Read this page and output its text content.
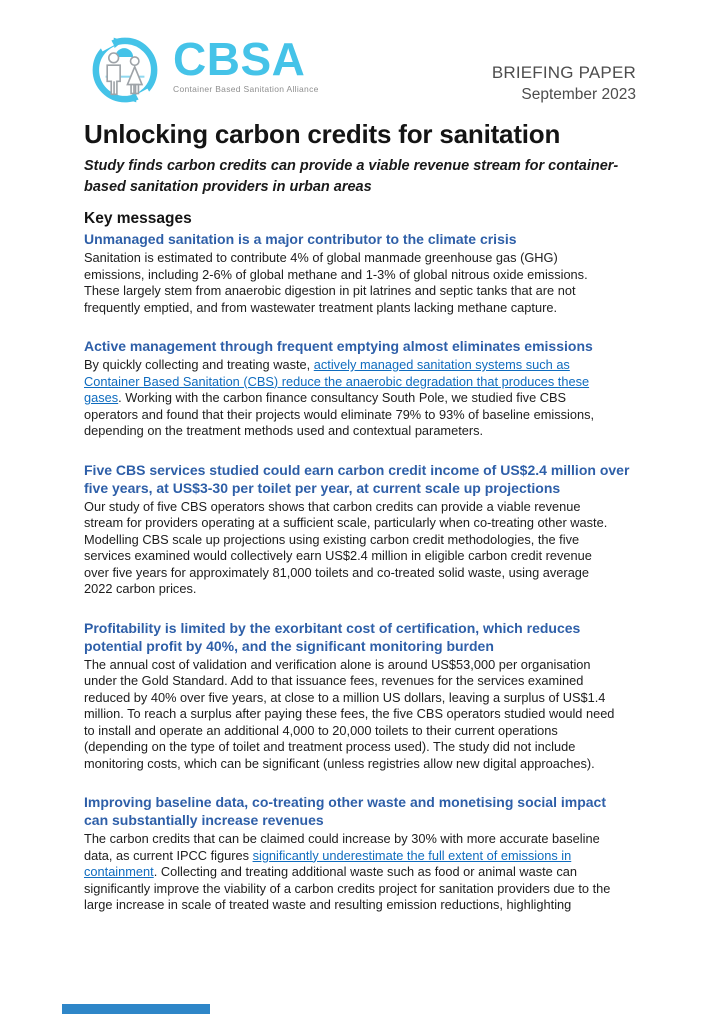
CBSA
Container Based Sanitation Alliance
BRIEFING PAPER
September 2023
Unlocking carbon credits for sanitation
Study finds carbon credits can provide a viable revenue stream for container-based sanitation providers in urban areas
Key messages
Unmanaged sanitation is a major contributor to the climate crisis
Sanitation is estimated to contribute 4% of global manmade greenhouse gas (GHG) emissions, including 2-6% of global methane and 1-3% of global nitrous oxide emissions. These largely stem from anaerobic digestion in pit latrines and septic tanks that are not frequently emptied, and from wastewater treatment plants lacking methane capture.
Active management through frequent emptying almost eliminates emissions
By quickly collecting and treating waste, actively managed sanitation systems such as Container Based Sanitation (CBS) reduce the anaerobic degradation that produces these gases. Working with the carbon finance consultancy South Pole, we studied five CBS operators and found that their projects would eliminate 79% to 93% of baseline emissions, depending on the treatment methods used and contextual parameters.
Five CBS services studied could earn carbon credit income of US$2.4 million over five years, at US$3-30 per toilet per year, at current scale up projections
Our study of five CBS operators shows that carbon credits can provide a viable revenue stream for providers operating at a sufficient scale, particularly when co-treating other waste. Modelling CBS scale up projections using existing carbon credit methodologies, the five services examined would collectively earn US$2.4 million in eligible carbon credit revenue over five years for approximately 81,000 toilets and co-treated solid waste, using average 2022 carbon prices.
Profitability is limited by the exorbitant cost of certification, which reduces potential profit by 40%, and the significant monitoring burden
The annual cost of validation and verification alone is around US$53,000 per organisation under the Gold Standard. Add to that issuance fees, revenues for the services examined reduced by 40% over five years, at close to a million US dollars, leaving a surplus of US$1.4 million. To reach a surplus after paying these fees, the five CBS operators studied would need to install and operate an additional 4,000 to 20,000 toilets to their current operations (depending on the type of toilet and treatment process used). The study did not include monitoring costs, which can be significant (unless registries allow new digital approaches).
Improving baseline data, co-treating other waste and monetising social impact can substantially increase revenues
The carbon credits that can be claimed could increase by 30% with more accurate baseline data, as current IPCC figures significantly underestimate the full extent of emissions in containment. Collecting and treating additional waste such as food or animal waste can significantly improve the viability of a carbon credits project for sanitation providers due to the large increase in scale of treated waste and resulting emission reductions, highlighting
